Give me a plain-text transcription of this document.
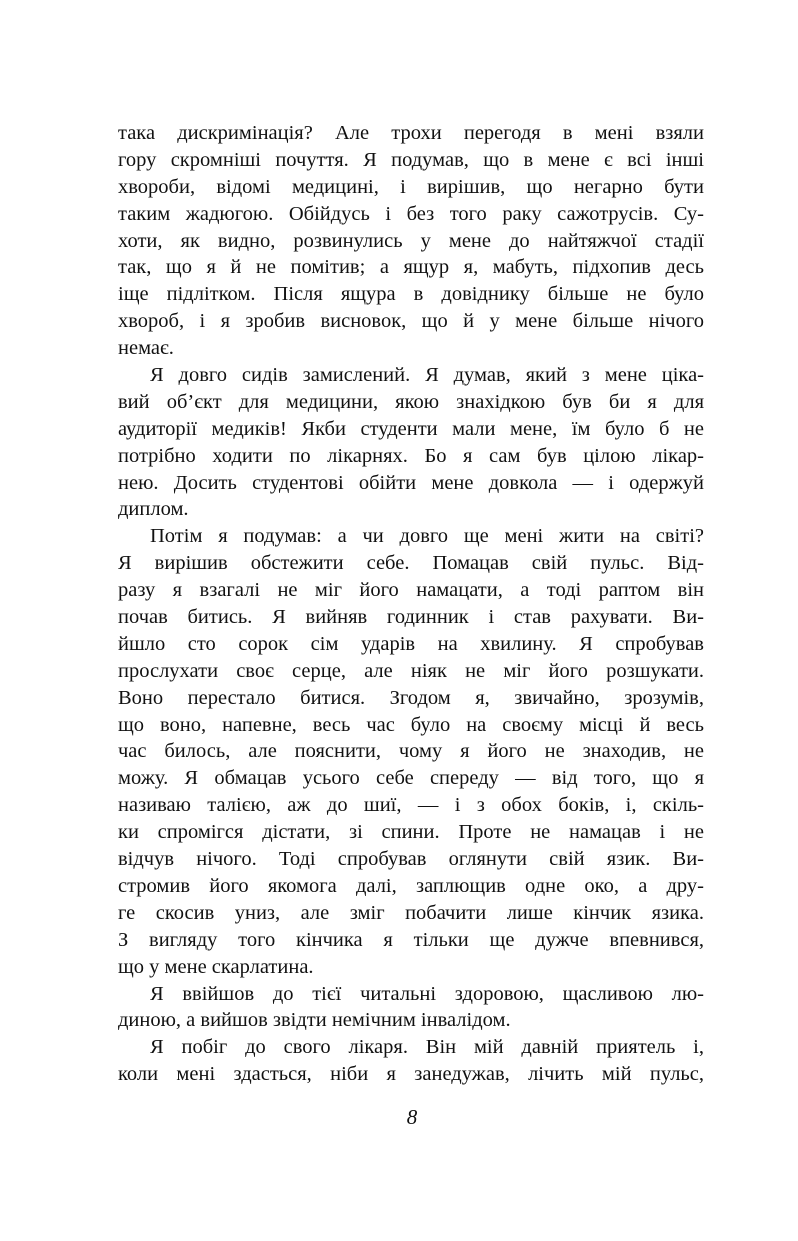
така дискримінація? Але трохи перегодя в мені взяли
гору скромніші почуття. Я подумав, що в мене є всі інші
хвороби, відомі медицині, і вирішив, що негарно бути
таким жадюгою. Обійдусь і без того раку сажотрусів. Су-
хоти, як видно, розвинулись у мене до найтяжчої стадії
так, що я й не помітив; а ящур я, мабуть, підхопив десь
іще підлітком. Після ящура в довіднику більше не було
хвороб, і я зробив висновок, що й у мене більше нічого
немає.
Я довго сидів замислений. Я думав, який з мене ціка-
вий об’єкт для медицини, якою знахідкою був би я для
аудиторії медиків! Якби студенти мали мене, їм було б не
потрібно ходити по лікарнях. Бо я сам був цілою лікар-
нею. Досить студентові обійти мене довкола — і одержуй
диплом.
Потім я подумав: а чи довго ще мені жити на світі?
Я вирішив обстежити себе. Помацав свій пульс. Від-
разу я взагалі не міг його намацати, а тоді раптом він
почав битись. Я вийняв годинник і став рахувати. Ви-
йшло сто сорок сім ударів на хвилину. Я спробував
прослухати своє серце, але ніяк не міг його розшукати.
Воно перестало битися. Згодом я, звичайно, зрозумів,
що воно, напевне, весь час було на своєму місці й весь
час билось, але пояснити, чому я його не знаходив, не
можу. Я обмацав усього себе спереду — від того, що я
називаю талією, аж до шиї, — і з обох боків, і, скіль-
ки спромігся дістати, зі спини. Проте не намацав і не
відчув нічого. Тоді спробував оглянути свій язик. Ви-
стромив його якомога далі, заплющив одне око, а дру-
ге скосив униз, але зміг побачити лише кінчик язика.
З вигляду того кінчика я тільки ще дужче впевнився,
що у мене скарлатина.
Я ввійшов до тієї читальні здоровою, щасливою лю-
диною, а вийшов звідти немічним інвалідом.
Я побіг до свого лікаря. Він мій давній приятель і,
коли мені здасться, ніби я занедужав, лічить мій пульс,
8
